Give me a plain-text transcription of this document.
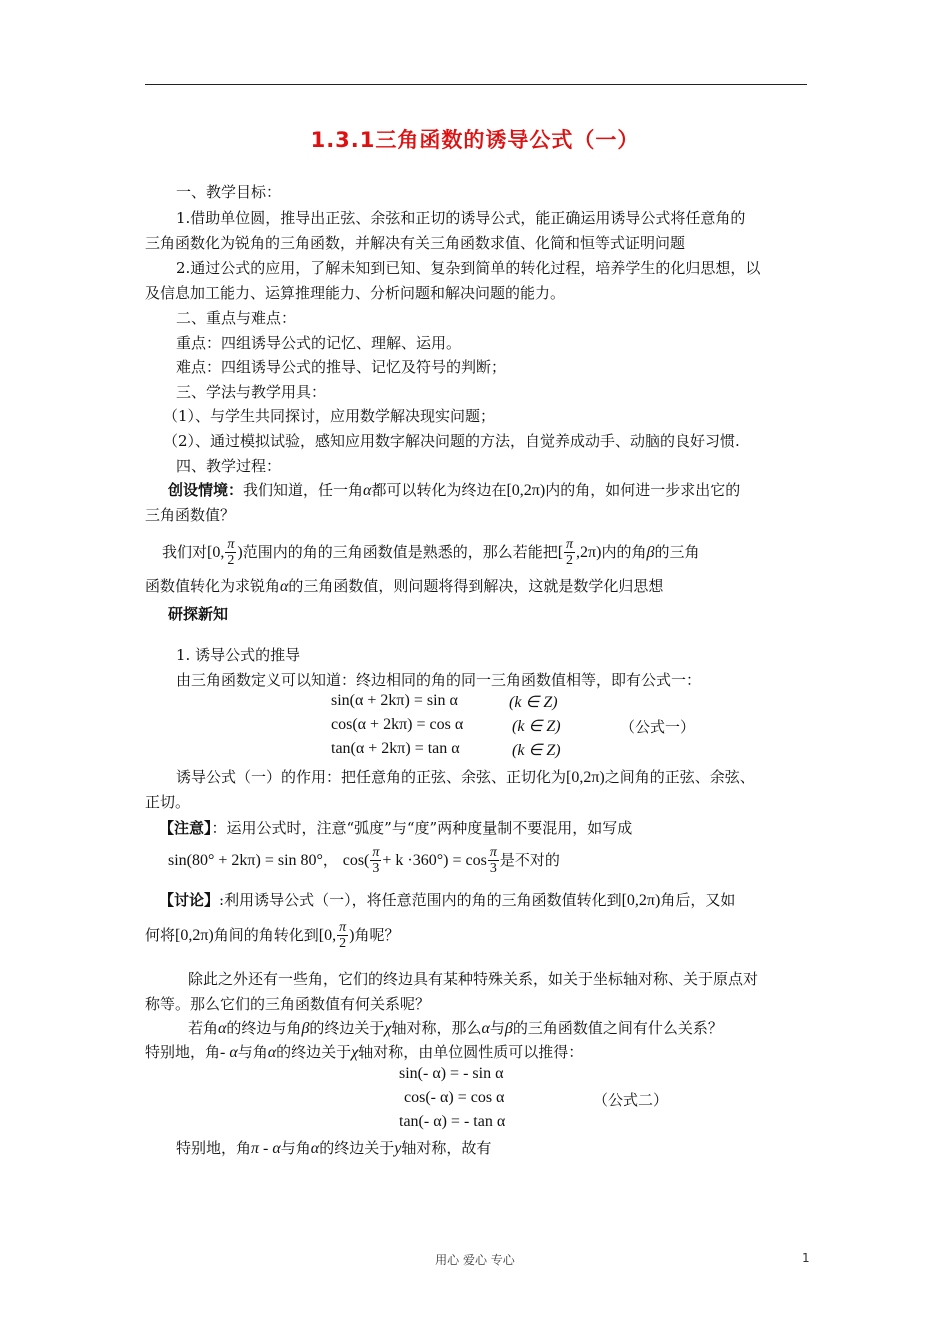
1.3.1三角函数的诱导公式（一）
一、教学目标：
1.借助单位圆，推导出正弦、余弦和正切的诱导公式，能正确运用诱导公式将任意角的
三角函数化为锐角的三角函数，并解决有关三角函数求值、化简和恒等式证明问题
2.通过公式的应用，了解未知到已知、复杂到简单的转化过程，培养学生的化归思想，以
及信息加工能力、运算推理能力、分析问题和解决问题的能力。
二、重点与难点：
重点：四组诱导公式的记忆、理解、运用。
难点：四组诱导公式的推导、记忆及符号的判断；
三、学法与教学用具：
（1）、与学生共同探讨，应用数学解决现实问题；
（2）、通过模拟试验，感知应用数字解决问题的方法，自觉养成动手、动脑的良好习惯.
四、教学过程：
创设情境：我们知道，任一角α都可以转化为终边在[0,2π)内的角，如何进一步求出它的
三角函数值？
我们对[0, $\frac{\pi}{2}$ )范围内的角的三角函数值是熟悉的，那么若能把[ $\frac{\pi}{2} ,2\pi$)内的角β的三角
函数值转化为求锐角α的三角函数值，则问题将得到解决，这就是数学化归思想
研探新知
1. 诱导公式的推导
由三角函数定义可以知道：终边相同的角的同一三角函数值相等，即有公式一：
sin(α + 2kπ) = sin α	(k ∈ Z)
cos(α + 2kπ) = cos α	(k ∈ Z)	（公式一）
tan(α + 2kπ) = tan α	(k ∈ Z)
诱导公式（一）的作用：把任意角的正弦、余弦、正切化为[0,2π)之间角的正弦、余弦、
正切。
【注意】：运用公式时，注意“弧度”与“度”两种度量制不要混用，如写成
sin(80° + 2kπ) = sin 80°， $\cos( \frac{\pi}{3} + k \cdot 360^\circ) = \cos \frac{\pi}{3}$ 是不对的
【讨论】:利用诱导公式（一），将任意范围内的角的三角函数值转化到[0,2π)角后，又如
何将[0,2π)角间的角转化到[0, $\frac{\pi}{2}$ )角呢？
除此之外还有一些角，它们的终边具有某种特殊关系，如关于坐标轴对称、关于原点对
称等。那么它们的三角函数值有何关系呢？
若角α的终边与角β的终边关于χ轴对称，那么α与β的三角函数值之间有什么关系？
特别地，角- α与角α的终边关于χ轴对称，由单位圆性质可以推得：
sin(- α) = - sin α
cos(- α) = cos α	（公式二）
tan(- α) = - tan α
特别地，角π - α与角α的终边关于y轴对称，故有
用心 爱心 专心	1
